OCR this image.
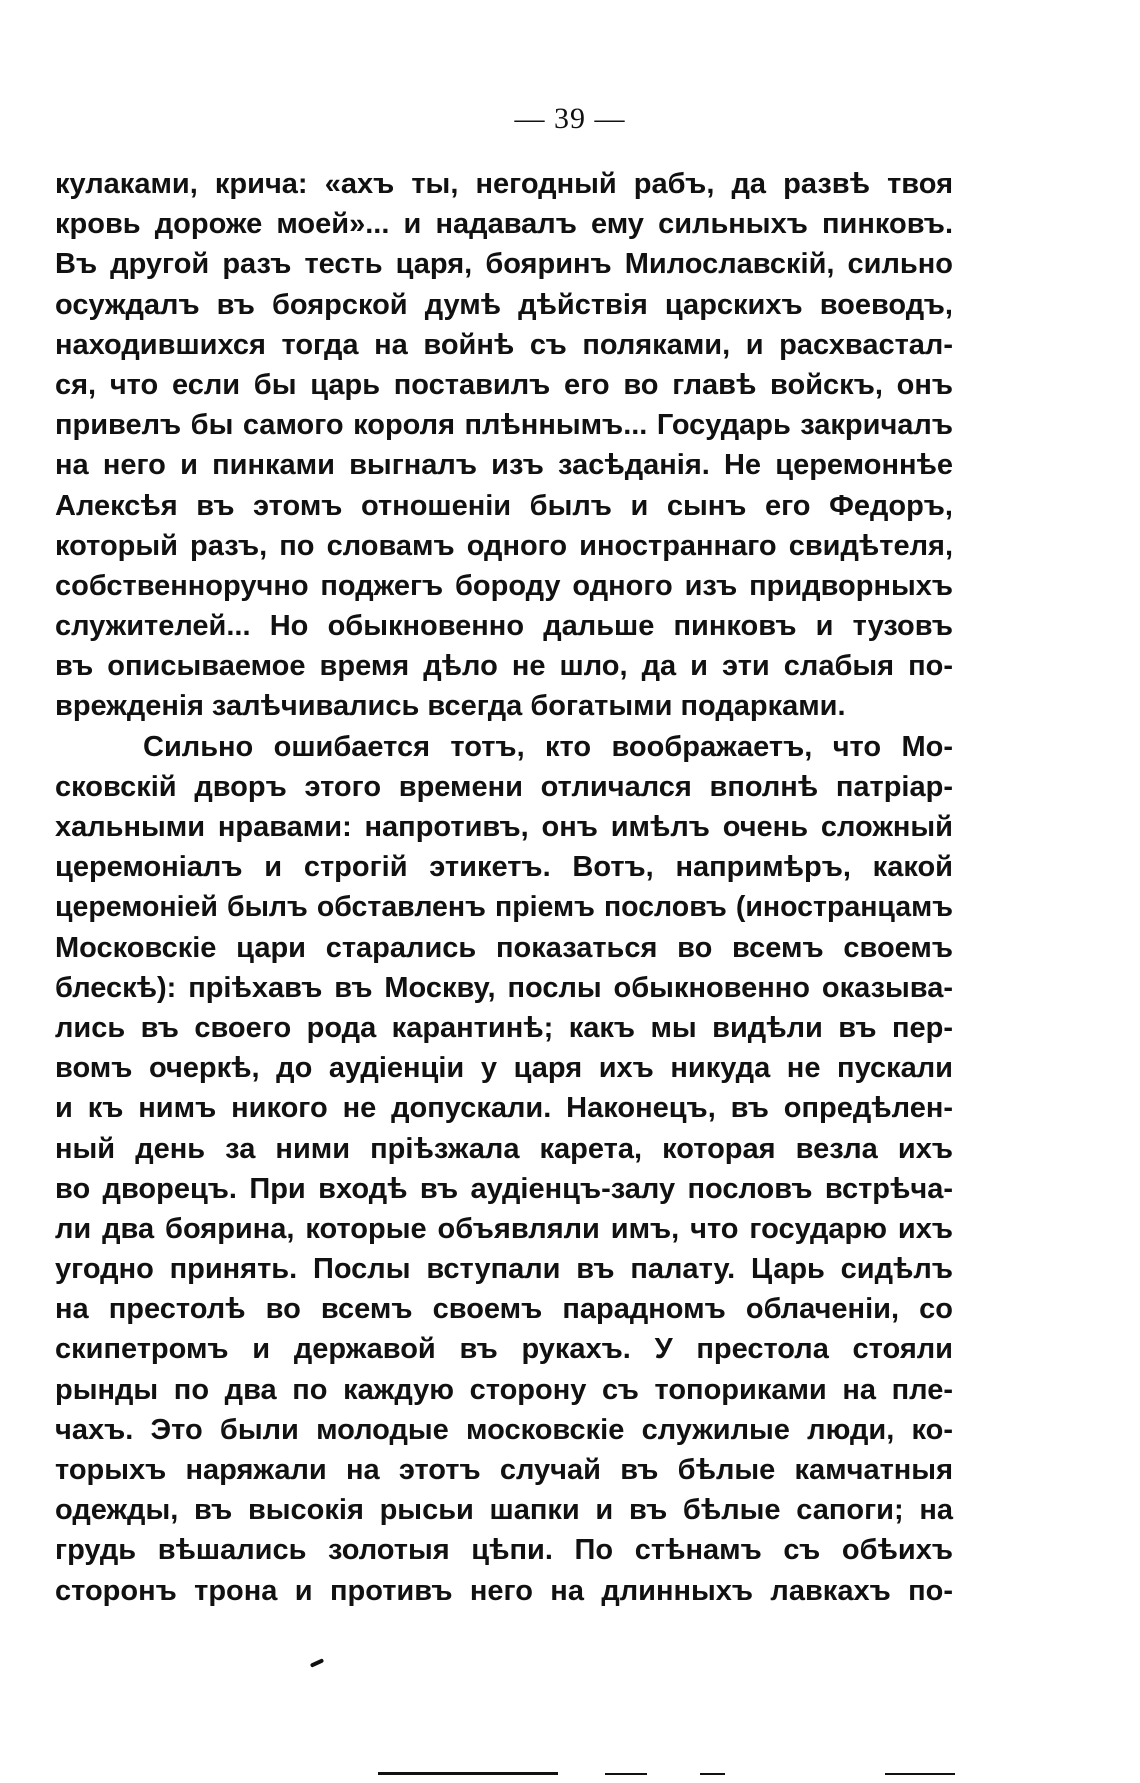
— 39 —
кулаками, крича: «ахъ ты, негодный рабъ, да развѣ твоя
кровь дороже моей»... и надавалъ ему сильныхъ пинковъ.
Въ другой разъ тесть царя, бояринъ Милославскій, сильно
осуждалъ въ боярской думѣ дѣйствія царскихъ воеводъ,
находившихся тогда на войнѣ съ поляками, и расхвастал-
ся, что если бы царь поставилъ его во главѣ войскъ, онъ
привелъ бы самого короля плѣннымъ... Государь закричалъ
на него и пинками выгналъ изъ засѣданія. Не церемоннѣе
Алексѣя въ этомъ отношеніи былъ и сынъ его Федоръ,
который разъ, по словамъ одного иностраннаго свидѣтеля,
собственноручно поджегъ бороду одного изъ придворныхъ
служителей... Но обыкновенно дальше пинковъ и тузовъ
въ описываемое время дѣло не шло, да и эти слабыя по-
врежденія залѣчивались всегда богатыми подарками.
Сильно ошибается тотъ, кто воображаетъ, что Мо-
сковскій дворъ этого времени отличался вполнѣ патріар-
хальными нравами: напротивъ, онъ имѣлъ очень сложный
церемоніалъ и строгій этикетъ. Вотъ, напримѣръ, какой
церемоніей былъ обставленъ пріемъ пословъ (иностранцамъ
Московскіе цари старались показаться во всемъ своемъ
блескѣ): пріѣхавъ въ Москву, послы обыкновенно оказыва-
лись въ своего рода карантинѣ; какъ мы видѣли въ пер-
вомъ очеркѣ, до аудіенціи у царя ихъ никуда не пускали
и къ нимъ никого не допускали. Наконецъ, въ опредѣлен-
ный день за ними пріѣзжала карета, которая везла ихъ
во дворецъ. При входѣ въ аудіенцъ-залу пословъ встрѣча-
ли два боярина, которые объявляли имъ, что государю ихъ
угодно принять. Послы вступали въ палату. Царь сидѣлъ
на престолѣ во всемъ своемъ парадномъ облаченіи, со
скипетромъ и державой въ рукахъ. У престола стояли
рынды по два по каждую сторону съ топориками на пле-
чахъ. Это были молодые московскіе служилые люди, ко-
торыхъ наряжали на этотъ случай въ бѣлые камчатныя
одежды, въ высокія рысьи шапки и въ бѣлые сапоги; на
грудь вѣшались золотыя цѣпи. По стѣнамъ съ обѣихъ
сторонъ трона и противъ него на длинныхъ лавкахъ по-
